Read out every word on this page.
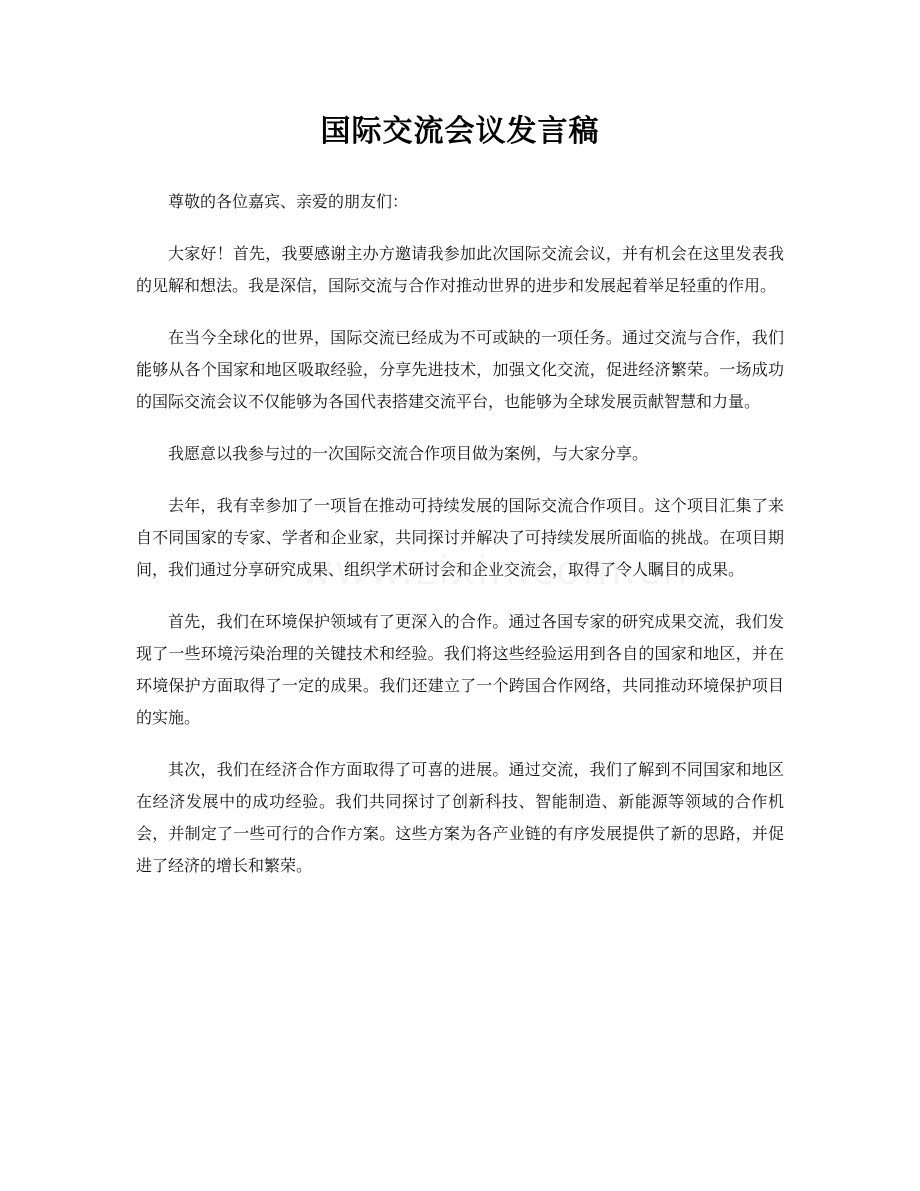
国际交流会议发言稿

尊敬的各位嘉宾、亲爱的朋友们：

大家好！首先，我要感谢主办方邀请我参加此次国际交流会议，并有机会在这里发表我的见解和想法。我是深信，国际交流与合作对推动世界的进步和发展起着举足轻重的作用。

在当今全球化的世界，国际交流已经成为不可或缺的一项任务。通过交流与合作，我们能够从各个国家和地区吸取经验，分享先进技术，加强文化交流，促进经济繁荣。一场成功的国际交流会议不仅能够为各国代表搭建交流平台，也能够为全球发展贡献智慧和力量。

我愿意以我参与过的一次国际交流合作项目做为案例，与大家分享。

去年，我有幸参加了一项旨在推动可持续发展的国际交流合作项目。这个项目汇集了来自不同国家的专家、学者和企业家，共同探讨并解决了可持续发展所面临的挑战。在项目期间，我们通过分享研究成果、组织学术研讨会和企业交流会，取得了令人瞩目的成果。

首先，我们在环境保护领域有了更深入的合作。通过各国专家的研究成果交流，我们发现了一些环境污染治理的关键技术和经验。我们将这些经验运用到各自的国家和地区，并在环境保护方面取得了一定的成果。我们还建立了一个跨国合作网络，共同推动环境保护项目的实施。

其次，我们在经济合作方面取得了可喜的进展。通过交流，我们了解到不同国家和地区在经济发展中的成功经验。我们共同探讨了创新科技、智能制造、新能源等领域的合作机会，并制定了一些可行的合作方案。这些方案为各产业链的有序发展提供了新的思路，并促进了经济的增长和繁荣。
